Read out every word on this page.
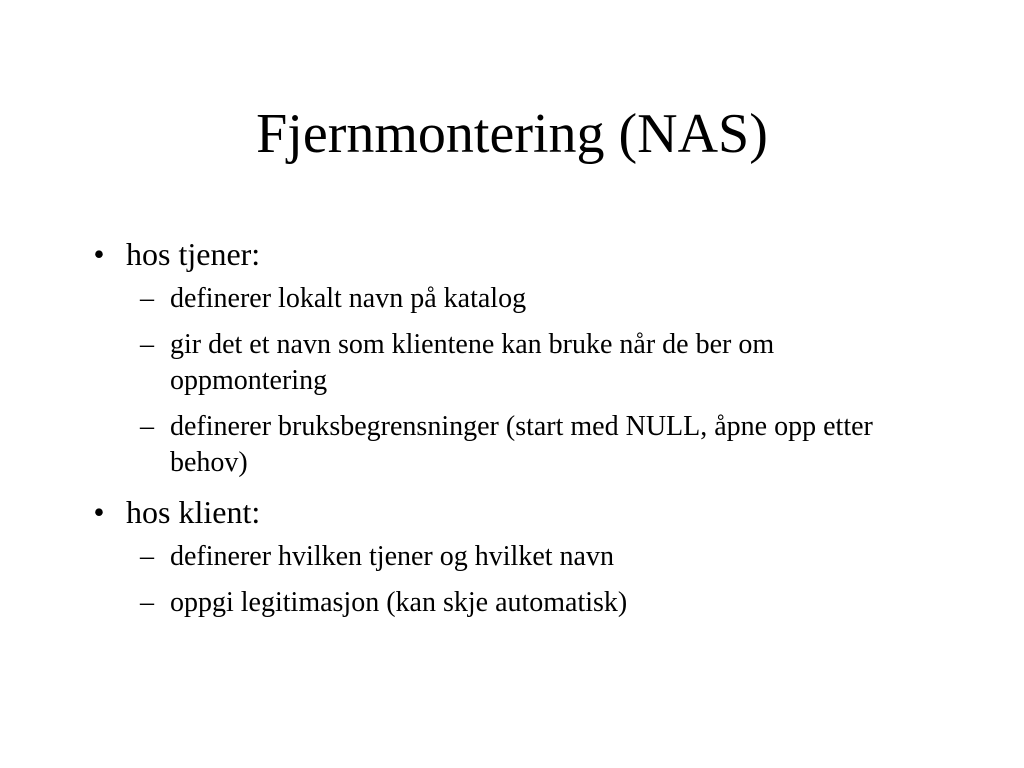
Fjernmontering (NAS)
• hos tjener:
– definerer lokalt navn på katalog
– gir det et navn som klientene kan bruke når de ber om oppmontering
– definerer bruksbegrensninger (start med NULL, åpne opp etter behov)
• hos klient:
– definerer hvilken tjener og hvilket navn
– oppgi legitimasjon (kan skje automatisk)
